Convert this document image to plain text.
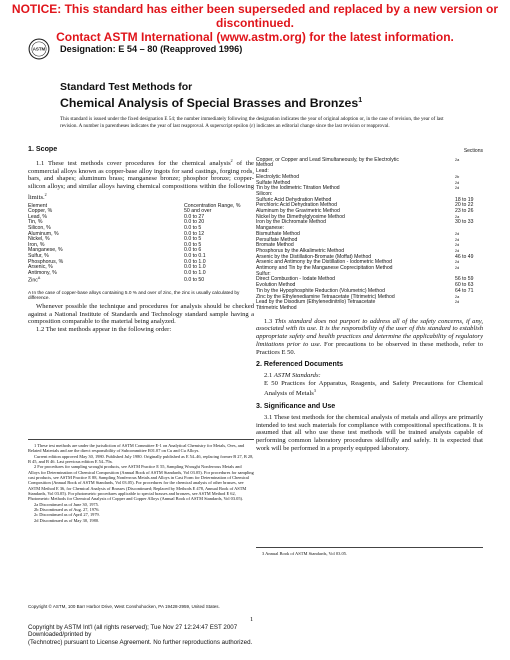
NOTICE: This standard has either been superseded and replaced by a new version or discontinued.
Contact ASTM International (www.astm.org) for the latest information.
ASTM Designation: E 54 – 80 (Reapproved 1996)
Standard Test Methods for
Chemical Analysis of Special Brasses and Bronzes$^1$
This standard is issued under the fixed designation E 54; the number immediately following the designation indicates the year of original adoption or, in the case of revision, the year of last revision. A number in parentheses indicates the year of last reapproval. A superscript epsilon (ε) indicates an editorial change since the last revision or reapproval.
1. Scope

1.1 These test methods cover procedures for the chemical analysis$^2$ of the commercial alloys known as copper-base alloy ingots for sand castings, forging rods, bars, and shapes; aluminum brass; manganese bronze; phosphor bronze; copper-silicon alloys; and similar alloys having chemical compositions within the following limits.$^2$

Element	Concentration Range, %
Copper, %	50 and over
Lead, %	0.0 to 27
Tin, %	0.0 to 20
Silicon, %	0.0 to 5
Aluminum, %	0.0 to 12
Nickel, %	0.0 to 5
Iron, %	0.0 to 5
Manganese, %	0.0 to 6
Sulfur, %	0.0 to 0.1
Phosphorus, %	0.0 to 1.0
Arsenic, %	0.0 to 1.0
Antimony, %	0.0 to 1.0
Zinc$^A$	0.0 to 50
A In the case of copper-base alloys containing 5.0 % and over of zinc, the zinc is usually calculated by difference.

Whenever possible the technique and procedures for analysis should be checked against a National Institute of Standards and Technology standard sample having a composition comparable to the material being analyzed.

1.2 The test methods appear in the following order:

1 These test methods are under the jurisdiction of ASTM Committee E-1 on Analytical Chemistry for Metals, Ores, and Related Materials and are the direct responsibility of Subcommittee E01.07 on Cu and Cu Alloys.

Current edition approved May 30, 1980. Published July 1980. Originally published as E 54–46, replacing former B 27, B 28, B 45, and B 46. Last previous edition E 54–79a.

2 For procedures for sampling wrought products, see ASTM Practice E 55, Sampling Wrought Nonferrous Metals and Alloys for Determination of Chemical Composition (Annual Book of ASTM Standards, Vol 03.05). For procedures for sampling cast products, see ASTM Practice E 88, Sampling Nonferrous Metals and Alloys in Cast Form for Determination of Chemical Composition (Annual Book of ASTM Standards, Vol 03.05). For procedures for the chemical analysis of other brasses, see ASTM Method E 36, for Chemical Analysis of Brasses (Discontinued; Replaced by Methods E 478, Annual Book of ASTM Standards, Vol 03.05). For photometric procedures applicable to special brasses and bronzes, see ASTM Method E 62, Photometric Methods for Chemical Analysis of Copper and Copper Alloys (Annual Book of ASTM Standards, Vol 03.05).

2a Discontinued as of June 30, 1975.

2b Discontinued as of Aug. 27, 1976.

2c Discontinued as of April 27, 1979.

2d Discontinued as of May 30, 1980.

Sections
Copper, or Copper and Lead Simultaneously, by the Electrolytic	2a
Method	
Lead:	
Electrolytic Method	2b
Sulfate Method	2d
Tin by the Iodimetric Titration Method	2d
Silicon:	
Sulfuric Acid Dehydration Method	18 to 19
Perchloric Acid Dehydration Method	20 to 22
Aluminum by the Gravimetric Method	23 to 26
Nickel by the Dimethylglyoxime Method	2a
Iron by the Dichromate Method	30 to 33
Manganese:	
Bismuthate Method	2d
Persulfate Method	2d
Bromate Method	2d
Phosphorus by the Alkalimetric Method	2d
Arsenic by the Distillation-Bromate (Moffat) Method	46 to 49
Arsenic and Antimony by the Distillation - Iodometric Method	2d
Antimony and Tin by the Manganese Coprecipitation Method	2d
Sulfur:	
Direct Combustion - Iodate Method	56 to 59
Evolution Method	60 to 63
Tin by the Hypophosphite Reduction (Volumetric) Method	64 to 71
Zinc by the Ethylenediamine Tetraacetate (Titrimetric) Method	2a
Lead by the Disodium (Ethylenedinitrilo) Tetraacetate	2d
Titrimetric Method	

1.3 This standard does not purport to address all of the safety concerns, if any, associated with its use. It is the responsibility of the user of this standard to establish appropriate safety and health practices and determine the applicability of regulatory limitations prior to use. For precautions to be observed in these methods, refer to Practices E 50.

2. Referenced Documents

2.1 ASTM Standards:

E 50 Practices for Apparatus, Reagents, and Safety Precautions for Chemical Analysis of Metals$^3$

3. Significance and Use

3.1 These test methods for the chemical analysis of metals and alloys are primarily intended to test such materials for compliance with compositional specifications. It is assumed that all who use these test methods will be trained analysts capable of performing common laboratory procedures skillfully and safely. It is expected that work will be performed in a properly equipped laboratory.

3 Annual Book of ASTM Standards, Vol 03.05.
Copyright © ASTM, 100 Barr Harbor Drive, West Conshohocken, PA 19428-2959, United States.
1
Copyright by ASTM Int'l (all rights reserved); Tue Nov 27 12:24:47 EST 2007
Downloaded/printed by
(Technotrec) pursuant to License Agreement. No further reproductions authorized.
